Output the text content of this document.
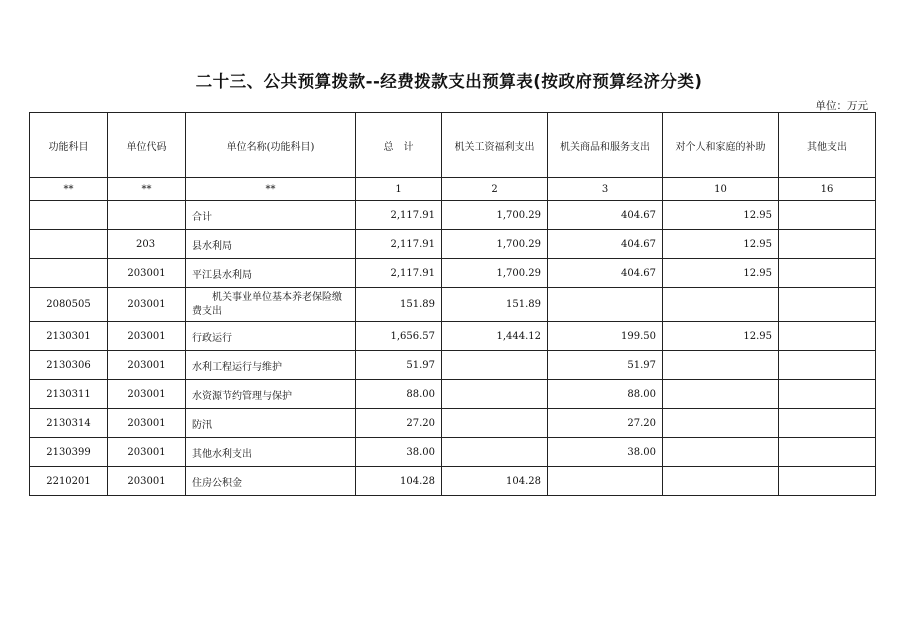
二十三、公共预算拨款--经费拨款支出预算表(按政府预算经济分类)
单位：万元
功能科目	单位代码	单位名称(功能科目)	总　计	机关工资福利支出	机关商品和服务支出	对个人和家庭的补助	其他支出
**	**	**	1	2	3	10	16
		合计	2,117.91	1,700.29	404.67	12.95	
	203	县水利局	2,117.91	1,700.29	404.67	12.95	
	203001	平江县水利局	2,117.91	1,700.29	404.67	12.95	
2080505	203001	机关事业单位基本养老保险缴费支出	151.89	151.89			
2130301	203001	行政运行	1,656.57	1,444.12	199.50	12.95	
2130306	203001	水利工程运行与维护	51.97		51.97		
2130311	203001	水资源节约管理与保护	88.00		88.00		
2130314	203001	防汛	27.20		27.20		
2130399	203001	其他水利支出	38.00		38.00		
2210201	203001	住房公积金	104.28	104.28			
